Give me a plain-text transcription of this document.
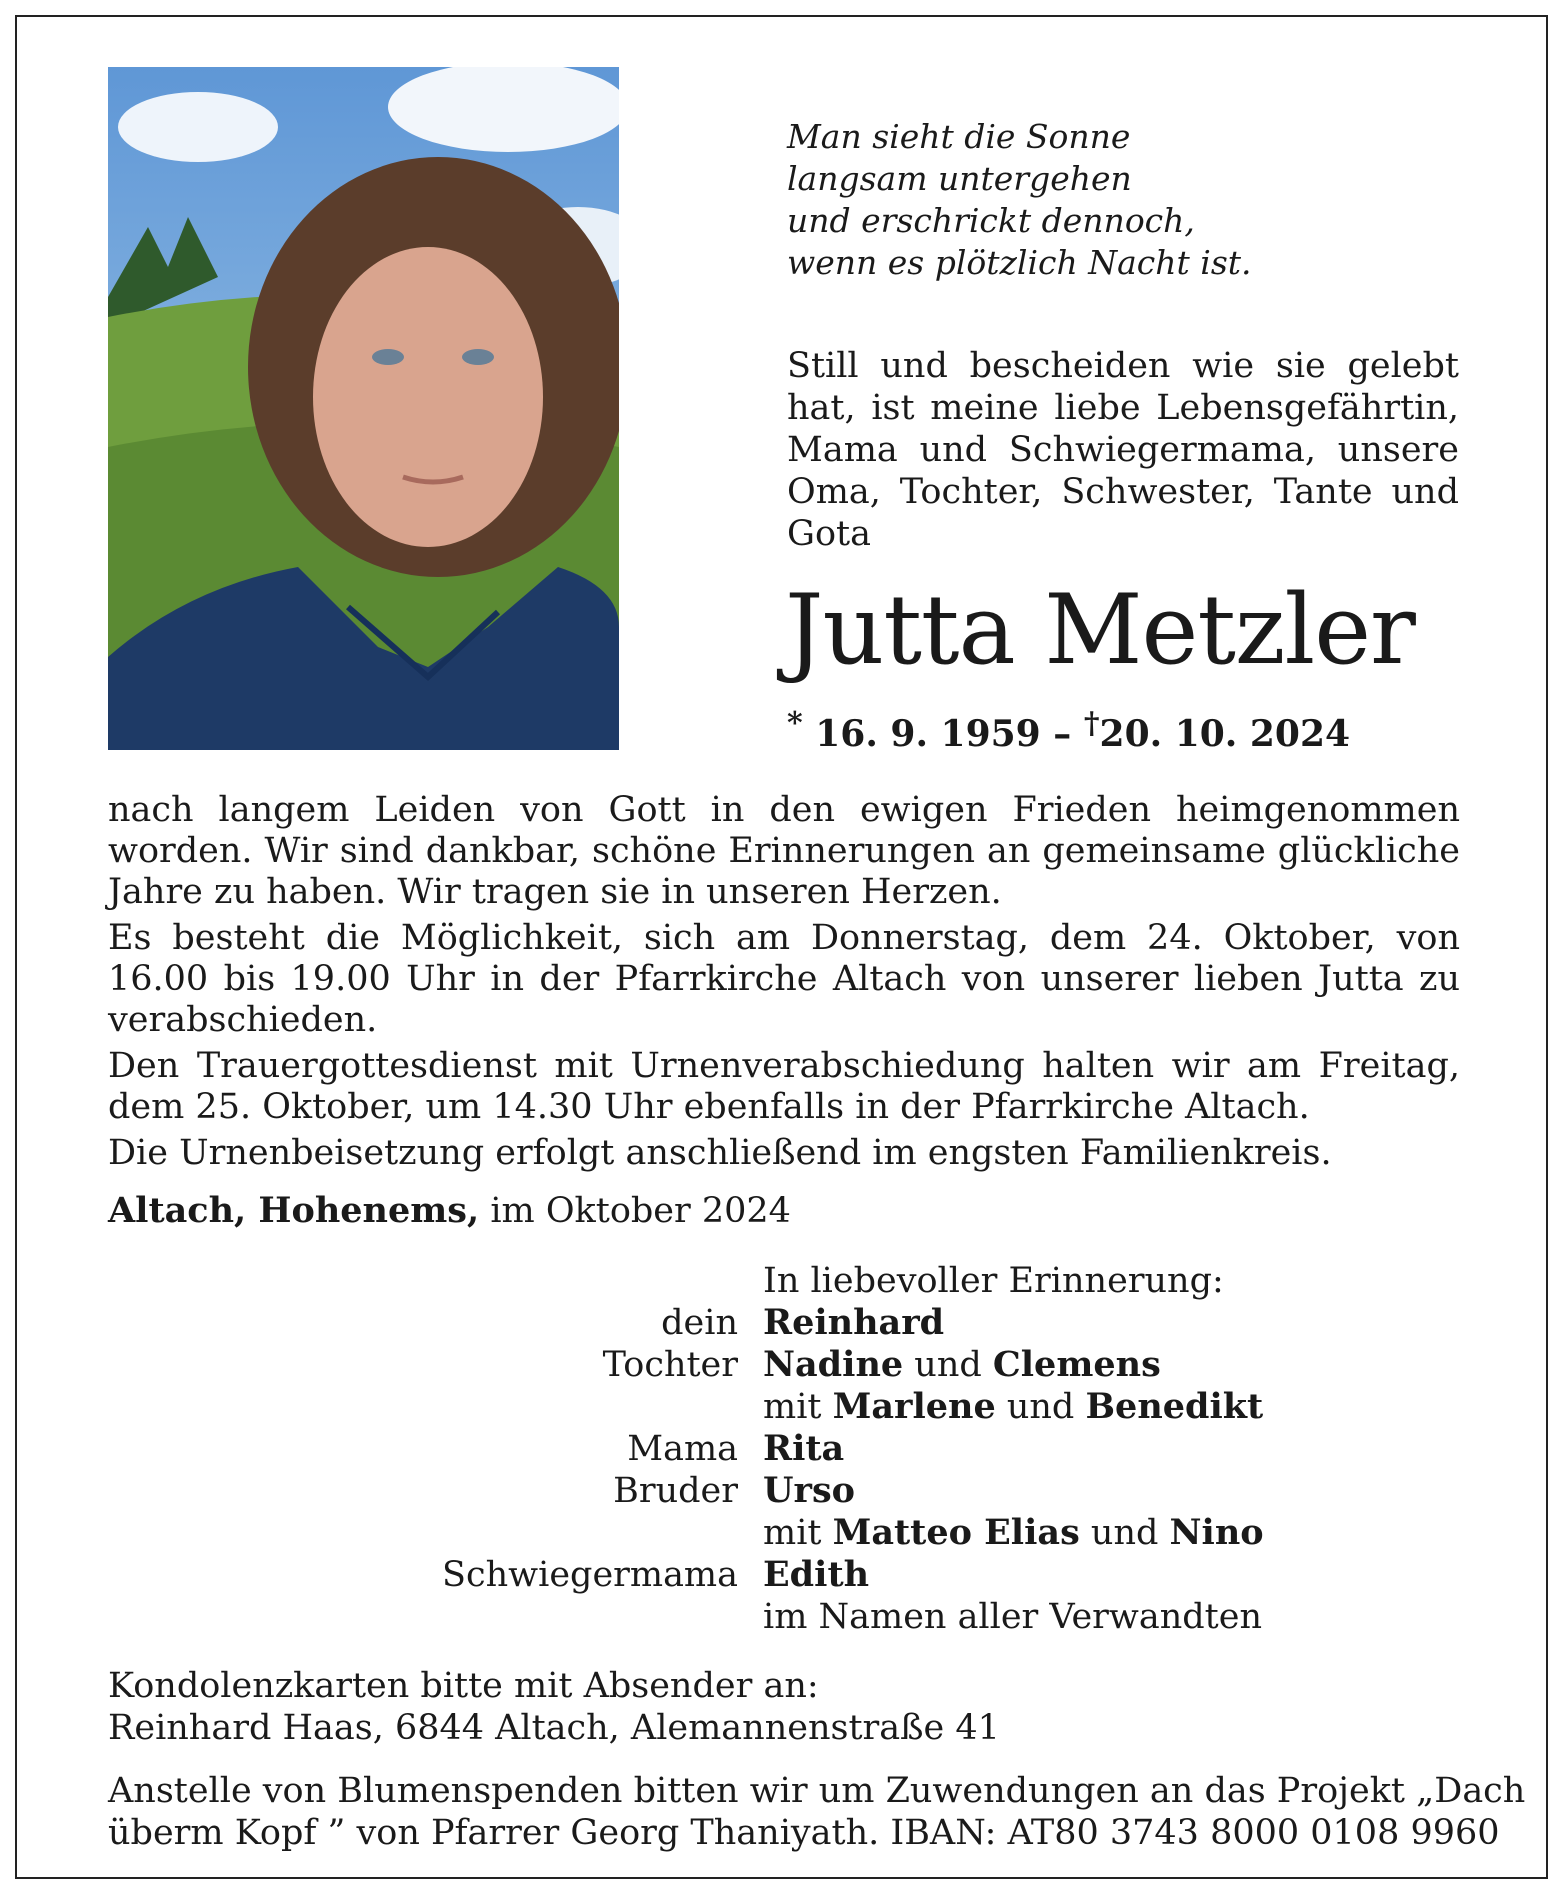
Man sieht die Sonne
langsam untergehen
und erschrickt dennoch,
wenn es plötzlich Nacht ist.
Still und bescheiden wie sie gelebt hat, ist meine liebe Lebensgefährtin, Mama und Schwiegermama, unsere Oma, Tochter, Schwester, Tante und Gota
Jutta Metzler
* 16. 9. 1959 – †20. 10. 2024

nach langem Leiden von Gott in den ewigen Frieden heimgenommen worden. Wir sind dankbar, schöne Erinnerungen an gemeinsame glückliche Jahre zu haben. Wir tragen sie in unseren Herzen.

Es besteht die Möglichkeit, sich am Donnerstag, dem 24. Oktober, von 16.00 bis 19.00 Uhr in der Pfarrkirche Altach von unserer lieben Jutta zu verabschieden.

Den Trauergottesdienst mit Urnenverabschiedung halten wir am Freitag, dem 25. Oktober, um 14.30 Uhr ebenfalls in der Pfarrkirche Altach.

Die Urnenbeisetzung erfolgt anschließend im engsten Familienkreis.

Altach, Hohenems, im Oktober 2024
In liebevoller Erinnerung:
dein Reinhard
Tochter Nadine und Clemens
mit Marlene und Benedikt
Mama Rita
Bruder Urso
mit Matteo Elias und Nino
Schwiegermama Edith
im Namen aller Verwandten
Kondolenzkarten bitte mit Absender an:
Reinhard Haas, 6844 Altach, Alemannenstraße 41
Anstelle von Blumenspenden bitten wir um Zuwendungen an das Projekt „Dach
überm Kopf ” von Pfarrer Georg Thaniyath. IBAN: AT80 3743 8000 0108 9960
